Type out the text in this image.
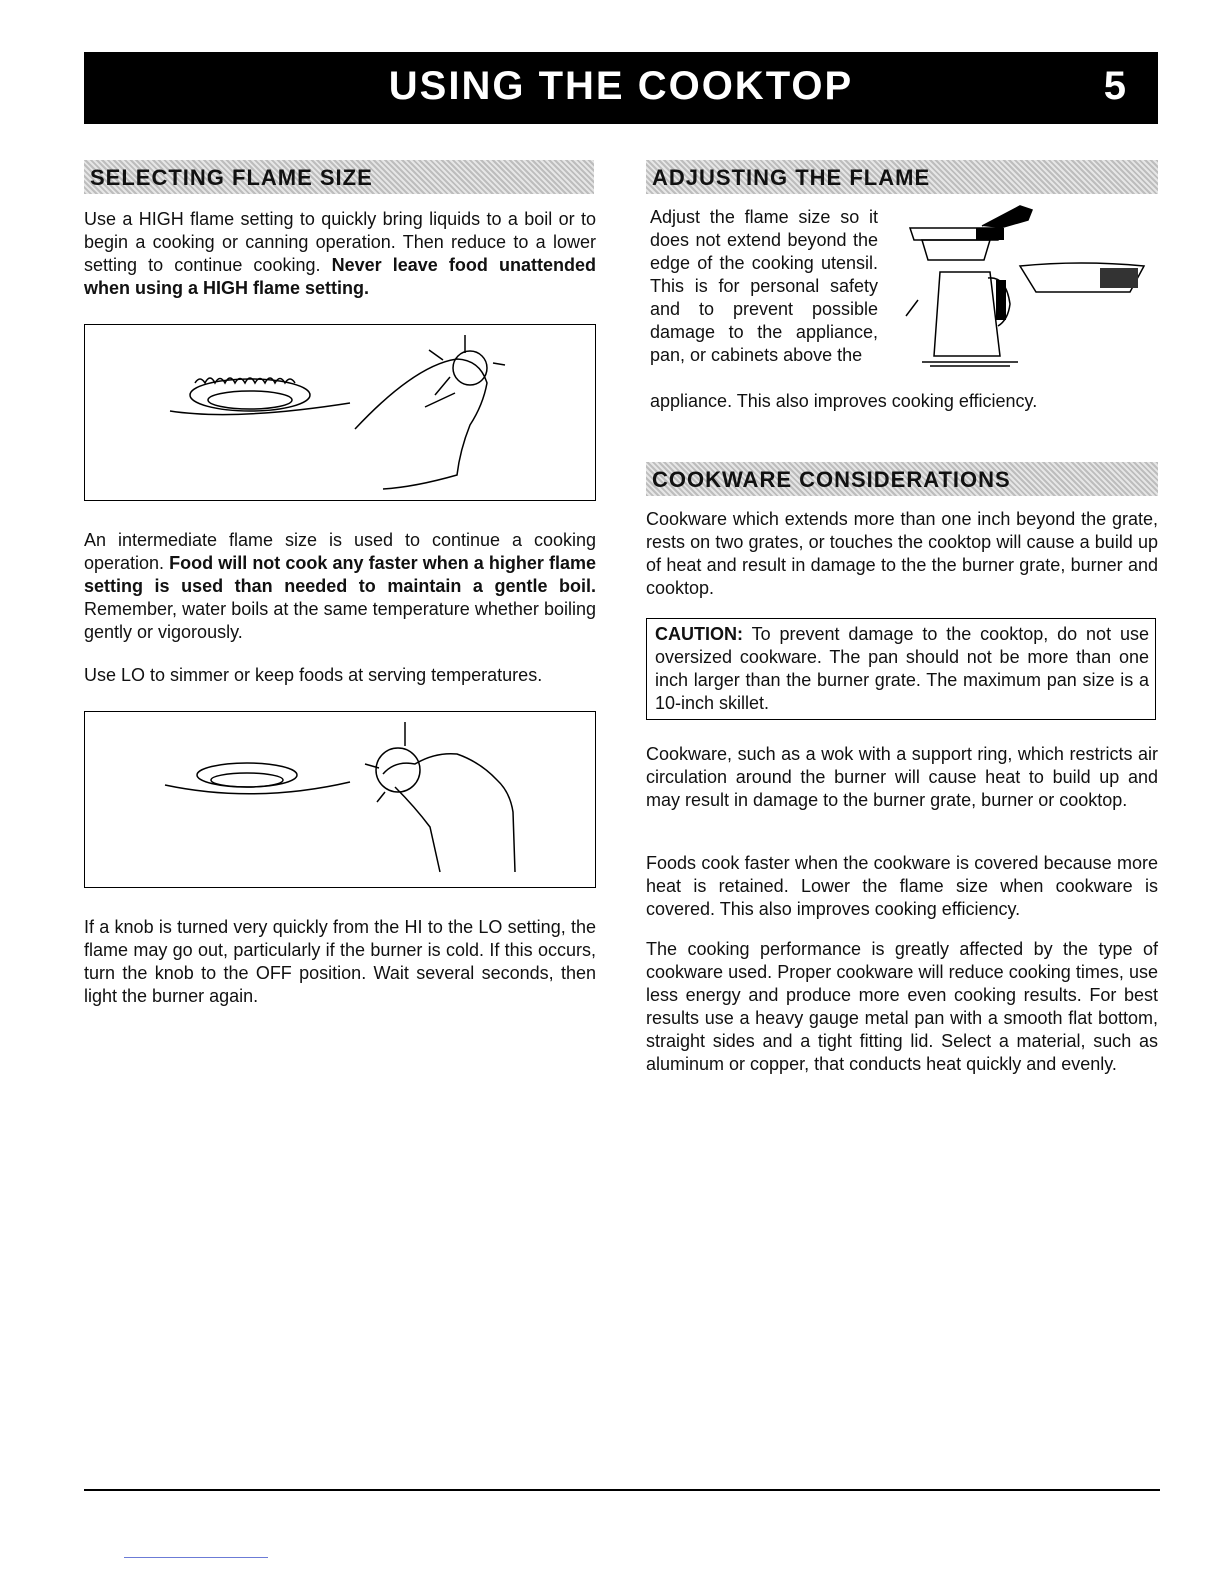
USING THE COOKTOP	5
SELECTING FLAME SIZE
Use a HIGH flame setting to quickly bring liquids to a boil or to begin a cooking or canning operation. Then reduce to a lower setting to continue cooking. Never leave food unattended when using a HIGH flame setting.
An intermediate flame size is used to continue a cooking operation. Food will not cook any faster when a higher flame setting is used than needed to maintain a gentle boil. Remember, water boils at the same temperature whether boiling gently or vigorously.
Use LO to simmer or keep foods at serving temperatures.
If a knob is turned very quickly from the HI to the LO setting, the flame may go out, particularly if the burner is cold. If this occurs, turn the knob to the OFF position. Wait several seconds, then light the burner again.
ADJUSTING THE FLAME
Adjust the flame size so it does not extend beyond the edge of the cooking utensil. This is for personal safety and to prevent possible damage to the appliance, pan, or cabinets above the
appliance. This also improves cooking efficiency.
COOKWARE CONSIDERATIONS
Cookware which extends more than one inch beyond the grate, rests on two grates, or touches the cooktop will cause a build up of heat and result in damage to the the burner grate, burner and cooktop.
CAUTION: To prevent damage to the cooktop, do not use oversized cookware. The pan should not be more than one inch larger than the burner grate. The maximum pan size is a 10-inch skillet.
Cookware, such as a wok with a support ring, which restricts air circulation around the burner will cause heat to build up and may result in damage to the burner grate, burner or cooktop.
Foods cook faster when the cookware is covered because more heat is retained. Lower the flame size when cookware is covered. This also improves cooking efficiency.
The cooking performance is greatly affected by the type of cookware used. Proper cookware will reduce cooking times, use less energy and produce more even cooking results. For best results use a heavy gauge metal pan with a smooth flat bottom, straight sides and a tight fitting lid. Select a material, such as aluminum or copper, that conducts heat quickly and evenly.
